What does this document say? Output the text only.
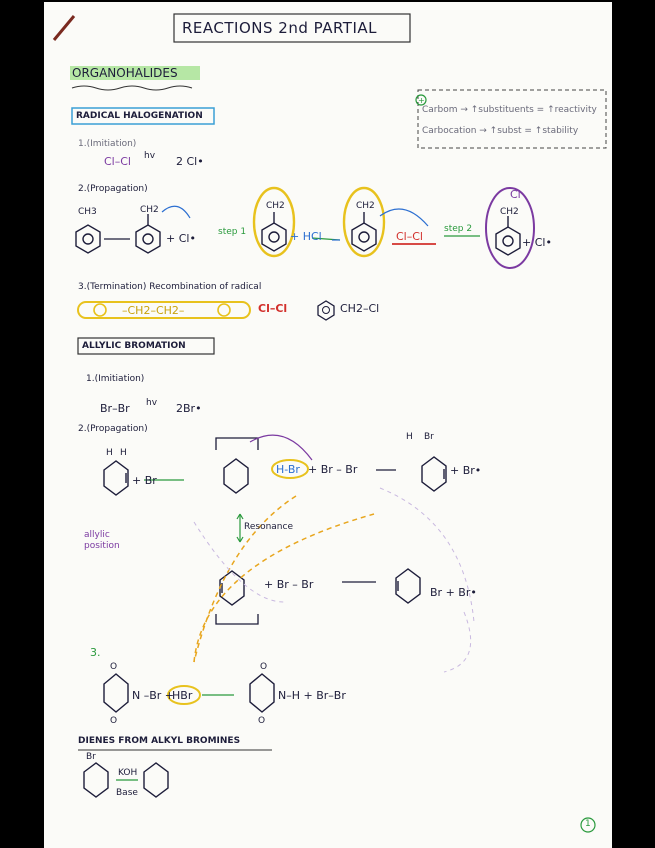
+
REACTIONS 2nd PARTIAL
ORGANOHALIDES
RADICAL HALOGENATION
Carbom → ↑substituents = ↑reactivity
Carbocation → ↑subst = ↑stability
1.(Imitiation)
Cl–Cl hv 2 Cl•
2.(Propagation)
CH3	CH2
+ Cl• step 1
CH2
+ HCl
CH2
Cl–Cl
step 2
Cl
CH2
+ Cl•
3.(Termination) Recombination of radical
–CH2–CH2–	Cl–Cl	CH2–Cl
ALLYLIC BROMATION
1.(Imitiation)
Br–Br hv 2Br•
2.(Propagation)
H H
+ Br
allylic position
H-Br + Br – Br
H Br
+ Br•
Resonance
+ Br – Br
Br + Br•
3.
O
O
N –Br +
HBr
O
O
N–H + Br–Br
DIENES FROM ALKYL BROMINES
Br
KOH
Base
1
